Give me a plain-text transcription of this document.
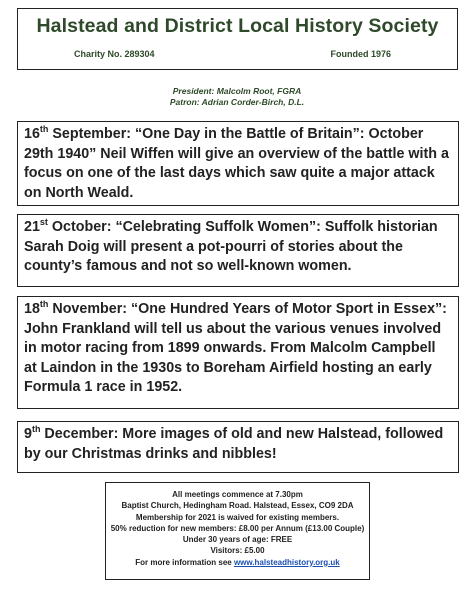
Halstead and District Local History Society
Charity No. 289304	Founded 1976
President: Malcolm Root, FGRA
Patron: Adrian Corder-Birch, D.L.
16th September: “One Day in the Battle of Britain”: October 29th 1940” Neil Wiffen will give an overview of the battle with a focus on one of the last days which saw quite a major attack on North Weald.
21st October: “Celebrating Suffolk Women”: Suffolk historian Sarah Doig will present a pot-pourri of stories about the county’s famous and not so well-known women.
18th November: “One Hundred Years of Motor Sport in Essex”: John Frankland will tell us about the various venues involved in motor racing from 1899 onwards. From Malcolm Campbell at Laindon in the 1930s to Boreham Airfield hosting an early Formula 1 race in 1952.
9th December: More images of old and new Halstead, followed by our Christmas drinks and nibbles!
All meetings commence at 7.30pm
Baptist Church, Hedingham Road. Halstead, Essex, CO9 2DA
Membership for 2021 is waived for existing members.
50% reduction for new members: £8.00 per Annum (£13.00 Couple)
Under 30 years of age: FREE
Visitors: £5.00
For more information see www.halsteadhistory.org.uk
